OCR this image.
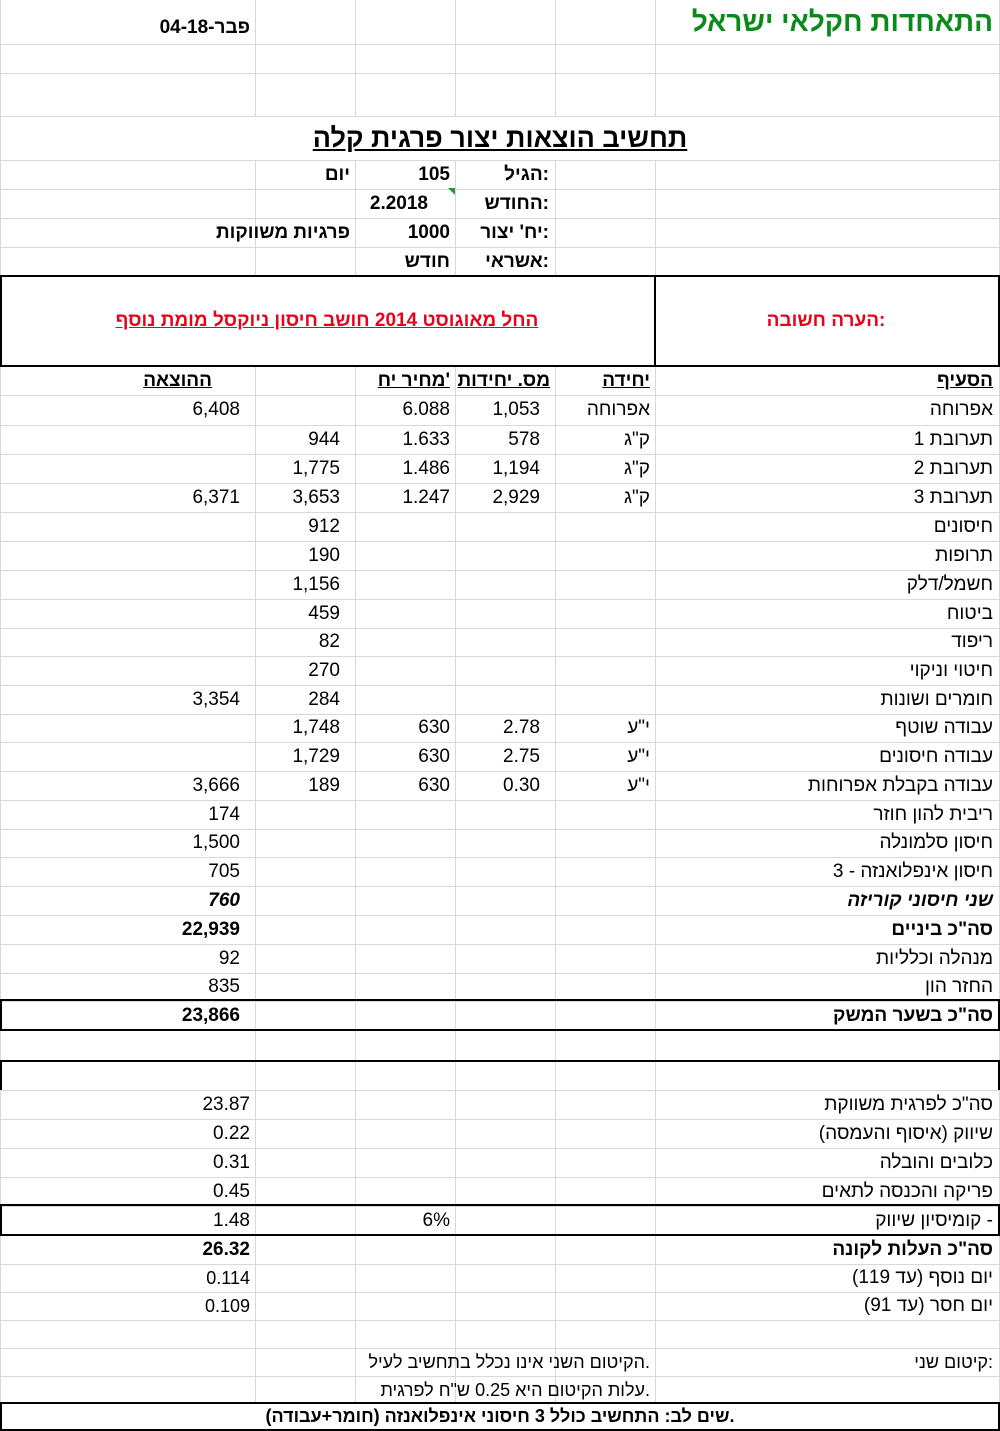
התאחדות חקלאי ישראל
04-פבר-18
תחשיב הוצאות יצור פרגית קלה
הגיל:
105
יום
החודש:
2.2018
יח' יצור:
1000
פרגיות משווקות
אשראי:
חודש
הערה חשובה:
החל מאוגוסט 2014 חושב חיסון ניוקסל מומת נוסף
הסעיף
יחידה
מס. יחידות
מחיר יח'
ההוצאה
אפרוחה
אפרוחה
1,053
6.088
6,408
תערובת 1
ק"ג
578
1.633
944
תערובת 2
ק"ג
1,194
1.486
1,775
תערובת 3
ק"ג
2,929
1.247
3,653
6,371
חיסונים
912
תרופות
190
חשמל/דלק
1,156
ביטוח
459
ריפוד
82
חיטוי וניקוי
270
חומרים ושונות
284
3,354
עבודה שוטף
י"ע
2.78
630
1,748
עבודה חיסונים
י"ע
2.75
630
1,729
עבודה בקבלת אפרוחות
י"ע
0.30
630
189
3,666
ריבית להון חוזר
174
חיסון סלמונלה
1,500
חיסון אינפלואנזה - 3
705
שני חיסוני קוריזה
760
סה"כ ביניים
22,939
מנהלה וכלליות
92
החזר הון
835
סה"כ בשער המשק
23,866
סה"כ לפרגית משווקת
23.87
שיווק (איסוף והעמסה)
0.22
כלובים והובלה
0.31
פריקה והכנסה לתאים
0.45
קומיסיון שיווק -
6%
1.48
סה"כ העלות לקונה
26.32
יום נוסף (עד 119)
0.114
יום חסר (עד 91)
0.109
קיטום שני:
הקיטום השני אינו נכלל בתחשיב לעיל.
עלות הקיטום היא 0.25 ש"ח לפרגית.
שים לב: התחשיב כולל 3 חיסוני אינפלואנזה (חומר+עבודה).
